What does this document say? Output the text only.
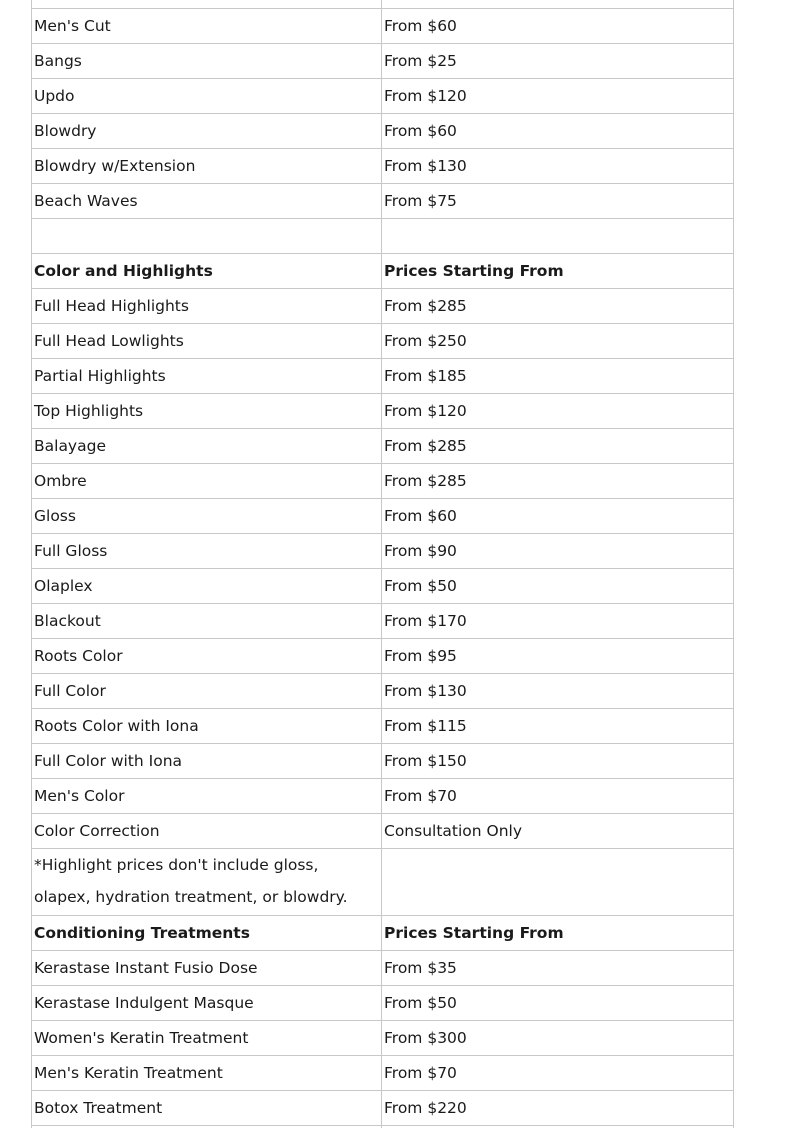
Men's Cut	From $60
Bangs	From $25
Updo	From $120
Blowdry	From $60
Blowdry w/Extension	From $130
Beach Waves	From $75

Color and Highlights	Prices Starting From
Full Head Highlights	From $285
Full Head Lowlights	From $250
Partial Highlights	From $185
Top Highlights	From $120
Balayage	From $285
Ombre	From $285
Gloss	From $60
Full Gloss	From $90
Olaplex	From $50
Blackout	From $170
Roots Color	From $95
Full Color	From $130
Roots Color with Iona	From $115
Full Color with Iona	From $150
Men's Color	From $70
Color Correction	Consultation Only
*Highlight prices don't include gloss, olapex, hydration treatment, or blowdry.	
Conditioning Treatments	Prices Starting From
Kerastase Instant Fusio Dose	From $35
Kerastase Indulgent Masque	From $50
Women's Keratin Treatment	From $300
Men's Keratin Treatment	From $70
Botox Treatment	From $220
